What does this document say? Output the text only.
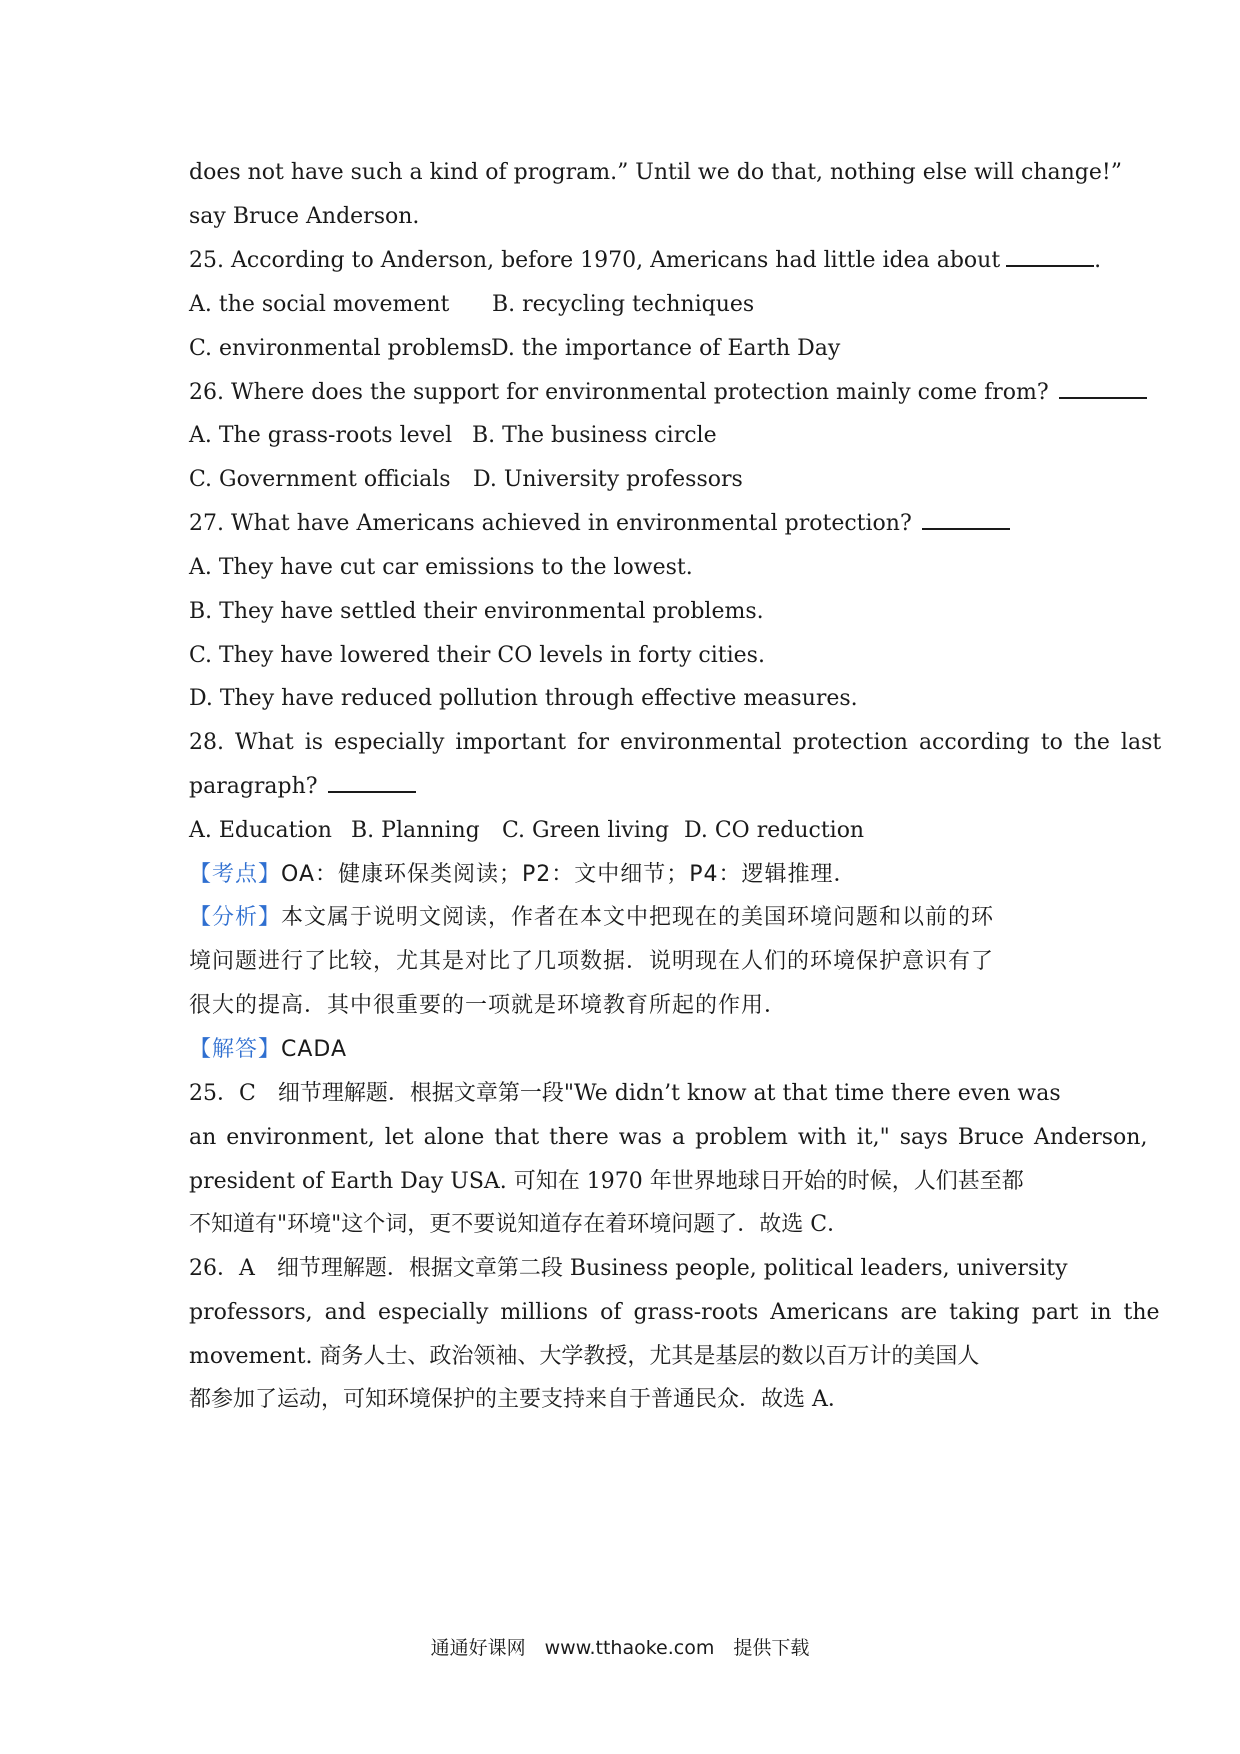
does not have such a kind of program.” Until we do that, nothing else will change!”
say Bruce Anderson.
25. According to Anderson, before 1970, Americans had little idea about	.
A. the social movement B. recycling techniques
C. environmental problems D. the importance of Earth Day
26. Where does the support for environmental protection mainly come from?
A. The grass-roots level B. The business circle
C. Government officials D. University professors
27. What have Americans achieved in environmental protection?
A. They have cut car emissions to the lowest.
B. They have settled their environmental problems.
C. They have lowered their CO levels in forty cities.
D. They have reduced pollution through effective measures.
28. What is especially important for environmental protection according to the last
paragraph?
A. Education B. Planning C. Green living D. CO reduction
【考点】OA：健康环保类阅读；P2：文中细节；P4：逻辑推理．
【分析】本文属于说明文阅读，作者在本文中把现在的美国环境问题和以前的环
境问题进行了比较，尤其是对比了几项数据．说明现在人们的环境保护意识有了
很大的提高．其中很重要的一项就是环境教育所起的作用．
【解答】CADA
25．C　细节理解题．根据文章第一段"We didn’t know at that time there even was
an environment, let alone that there was a problem with it," says Bruce Anderson,
president of Earth Day USA. 可知在 1970 年世界地球日开始的时候，人们甚至都
不知道有"环境"这个词，更不要说知道存在着环境问题了．故选 C．
26．A　细节理解题．根据文章第二段 Business people, political leaders, university
professors, and especially millions of grass-roots Americans are taking part in the
movement. 商务人士、政治领袖、大学教授，尤其是基层的数以百万计的美国人
都参加了运动，可知环境保护的主要支持来自于普通民众．故选 A．
通通好课网　www.tthaoke.com　提供下载
